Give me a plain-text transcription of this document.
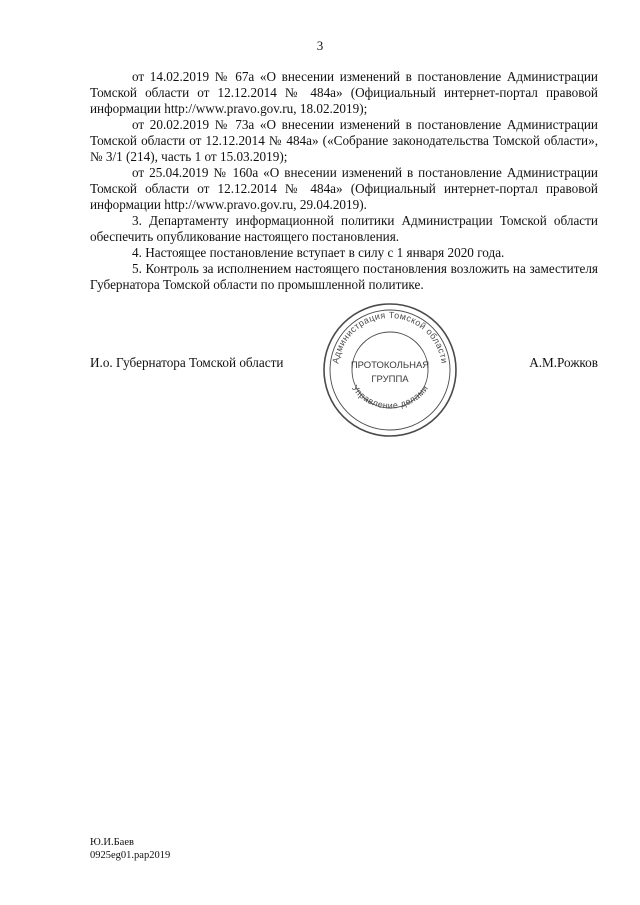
3

от 14.02.2019 № 67а «О внесении изменений в постановление Администрации Томской области от 12.12.2014 № 484а» (Официальный интернет-портал правовой информации http://www.pravo.gov.ru, 18.02.2019);

от 20.02.2019 № 73а «О внесении изменений в постановление Администрации Томской области от 12.12.2014 № 484а» («Собрание законодательства Томской области», № 3/1 (214), часть 1 от 15.03.2019);

от 25.04.2019 № 160а «О внесении изменений в постановление Администрации Томской области от 12.12.2014 № 484а» (Официальный интернет-портал правовой информации http://www.pravo.gov.ru, 29.04.2019).

3. Департаменту информационной политики Администрации Томской области обеспечить опубликование настоящего постановления.

4. Настоящее постановление вступает в силу с 1 января 2020 года.

5. Контроль за исполнением настоящего постановления возложить на заместителя Губернатора Томской области по промышленной политике.

Администрация Томской области
Управление делами
ПРОТОКОЛЬНАЯ
ГРУППА
И.о. Губернатора Томской области	А.М.Рожков
Ю.И.Баев
0925eg01.pap2019
